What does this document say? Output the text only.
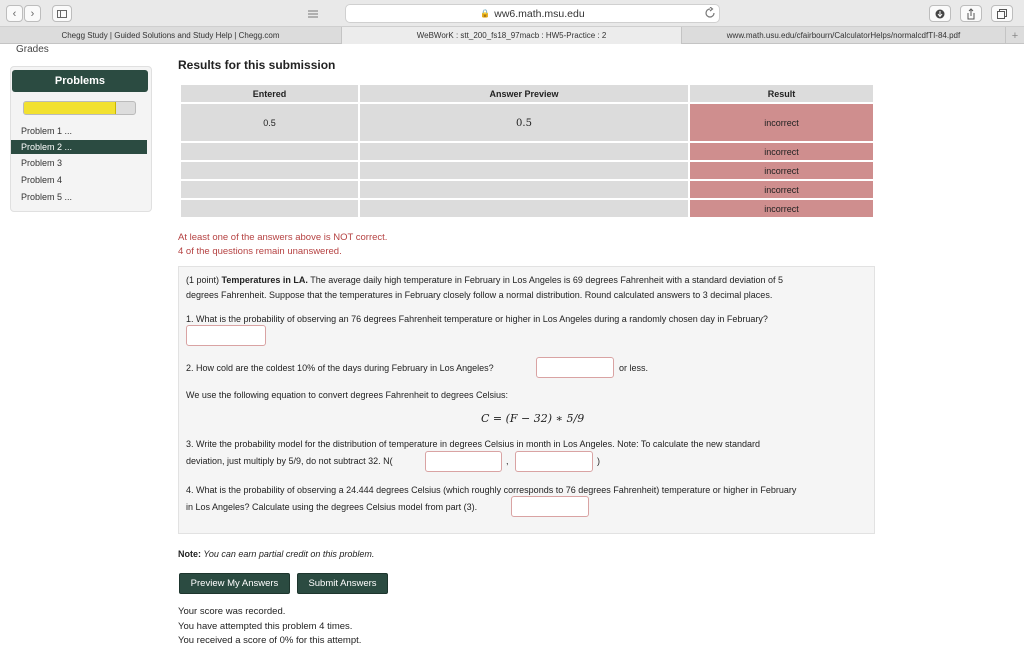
‹	›	🔒 ww6.math.msu.edu
Chegg Study | Guided Solutions and Study Help | Chegg.com	WeBWorK : stt_200_fs18_97macb : HW5-Practice : 2	www.math.usu.edu/cfairbourn/CalculatorHelps/normalcdfTI-84.pdf	+
Grades
Problems
Problem 1 ...
Problem 2 ...
Problem 3
Problem 4
Problem 5 ...
Results for this submission
Entered	Answer Preview	Result
0.5	0.5	incorrect
		incorrect
		incorrect
		incorrect
		incorrect
At least one of the answers above is NOT correct.
4 of the questions remain unanswered.
(1 point) Temperatures in LA. The average daily high temperature in February in Los Angeles is 69 degrees Fahrenheit with a standard deviation of 5
degrees Fahrenheit. Suppose that the temperatures in February closely follow a normal distribution. Round calculated answers to 3 decimal places.
1. What is the probability of observing an 76 degrees Fahrenheit temperature or higher in Los Angeles during a randomly chosen day in February?
2. How cold are the coldest 10% of the days during February in Los Angeles?	or less.
We use the following equation to convert degrees Fahrenheit to degrees Celsius:
C = (F − 32) ∗ 5/9
3. Write the probability model for the distribution of temperature in degrees Celsius in month in Los Angeles. Note: To calculate the new standard
deviation, just multiply by 5/9, do not subtract 32. N(	,	)
4. What is the probability of observing a 24.444 degrees Celsius (which roughly corresponds to 76 degrees Fahrenheit) temperature or higher in February
in Los Angeles? Calculate using the degrees Celsius model from part (3).
Note: You can earn partial credit on this problem.
Preview My Answers	Submit Answers
Your score was recorded.
You have attempted this problem 4 times.
You received a score of 0% for this attempt.
